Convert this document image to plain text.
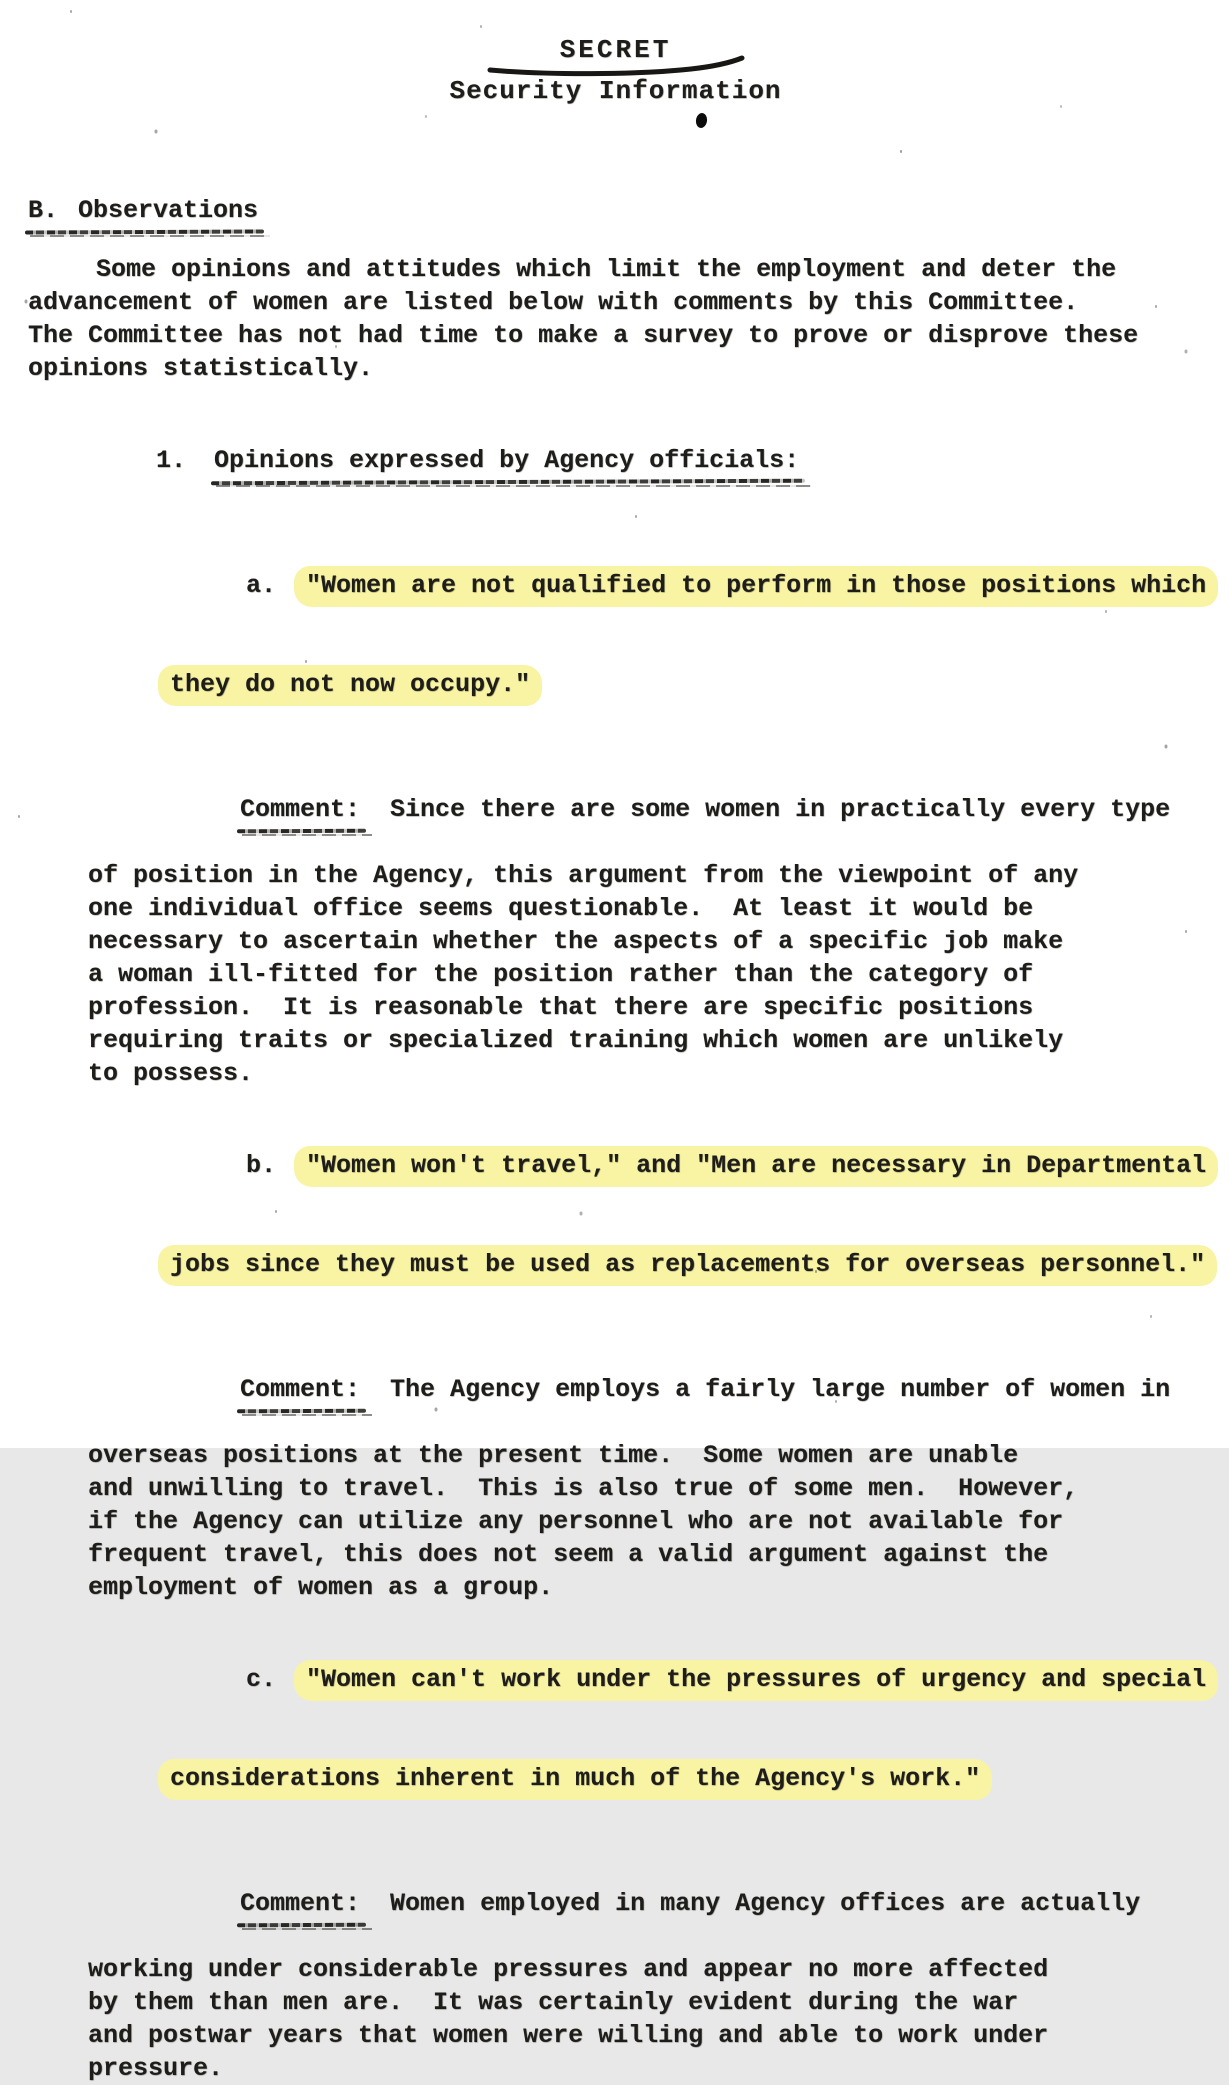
SECRET
Security Information
B. Observations
Some opinions and attitudes which limit the employment and deter the
advancement of women are listed below with comments by this Committee.
The Committee has not had time to make a survey to prove or disprove these
opinions statistically.

1. Opinions expressed by Agency officials:

a. "Women are not qualified to perform in those positions which

they do not now occupy."

Comment:  Since there are some women in practically every type

of position in the Agency, this argument from the viewpoint of any
one individual office seems questionable.  At least it would be
necessary to ascertain whether the aspects of a specific job make
a woman ill-fitted for the position rather than the category of
profession.  It is reasonable that there are specific positions
requiring traits or specialized training which women are unlikely
to possess.

b. "Women won't travel," and "Men are necessary in Departmental

jobs since they must be used as replacements for overseas personnel."

Comment:  The Agency employs a fairly large number of women in

overseas positions at the present time.  Some women are unable
and unwilling to travel.  This is also true of some men.  However,
if the Agency can utilize any personnel who are not available for
frequent travel, this does not seem a valid argument against the
employment of women as a group.

c. "Women can't work under the pressures of urgency and special

considerations inherent in much of the Agency's work."

Comment:  Women employed in many Agency offices are actually

working under considerable pressures and appear no more affected
by them than men are.  It was certainly evident during the war
and postwar years that women were willing and able to work under
pressure.
